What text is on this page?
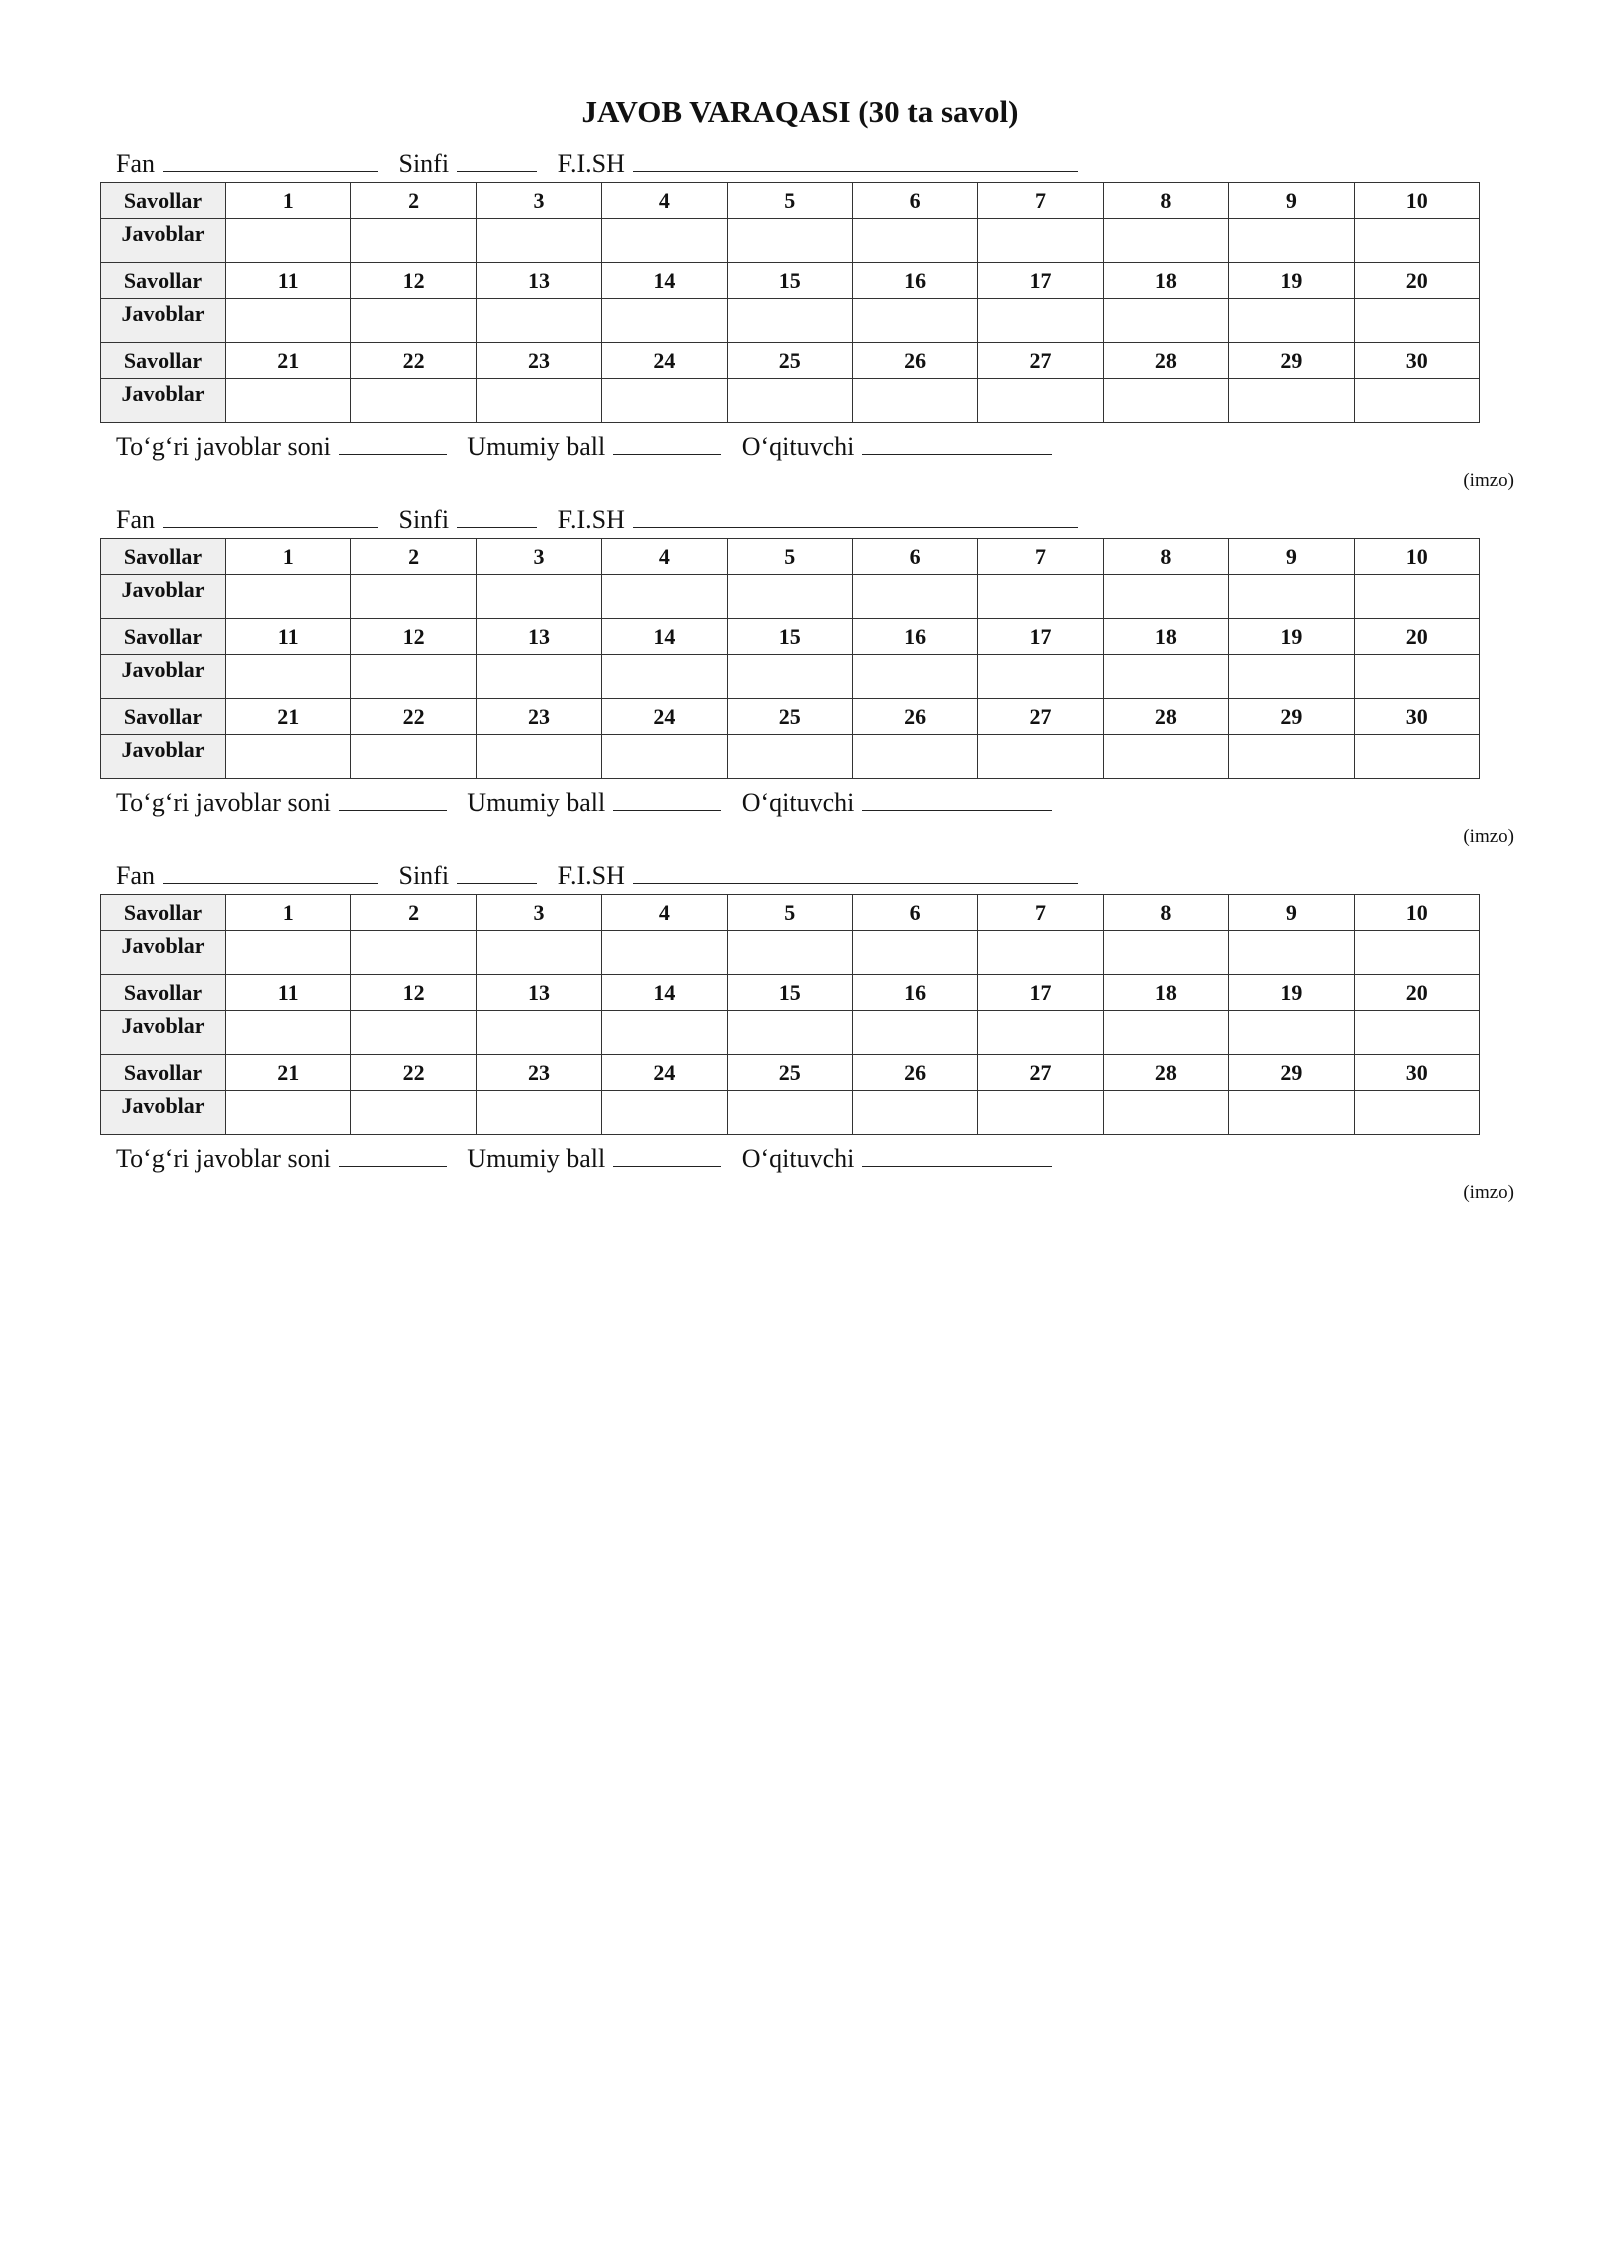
JAVOB VARAQASI (30 ta savol)
Fan	Sinfi	F.I.SH
Savollar	1	2	3	4	5	6	7	8	9	10
Javoblar										
Savollar	11	12	13	14	15	16	17	18	19	20
Javoblar										
Savollar	21	22	23	24	25	26	27	28	29	30
Javoblar										
To‘g‘ri javoblar soni	Umumiy ball	O‘qituvchi
(imzo)
Fan	Sinfi	F.I.SH
Savollar	1	2	3	4	5	6	7	8	9	10
Javoblar										
Savollar	11	12	13	14	15	16	17	18	19	20
Javoblar										
Savollar	21	22	23	24	25	26	27	28	29	30
Javoblar										
To‘g‘ri javoblar soni	Umumiy ball	O‘qituvchi
(imzo)
Fan	Sinfi	F.I.SH
Savollar	1	2	3	4	5	6	7	8	9	10
Javoblar										
Savollar	11	12	13	14	15	16	17	18	19	20
Javoblar										
Savollar	21	22	23	24	25	26	27	28	29	30
Javoblar										
To‘g‘ri javoblar soni	Umumiy ball	O‘qituvchi
(imzo)
